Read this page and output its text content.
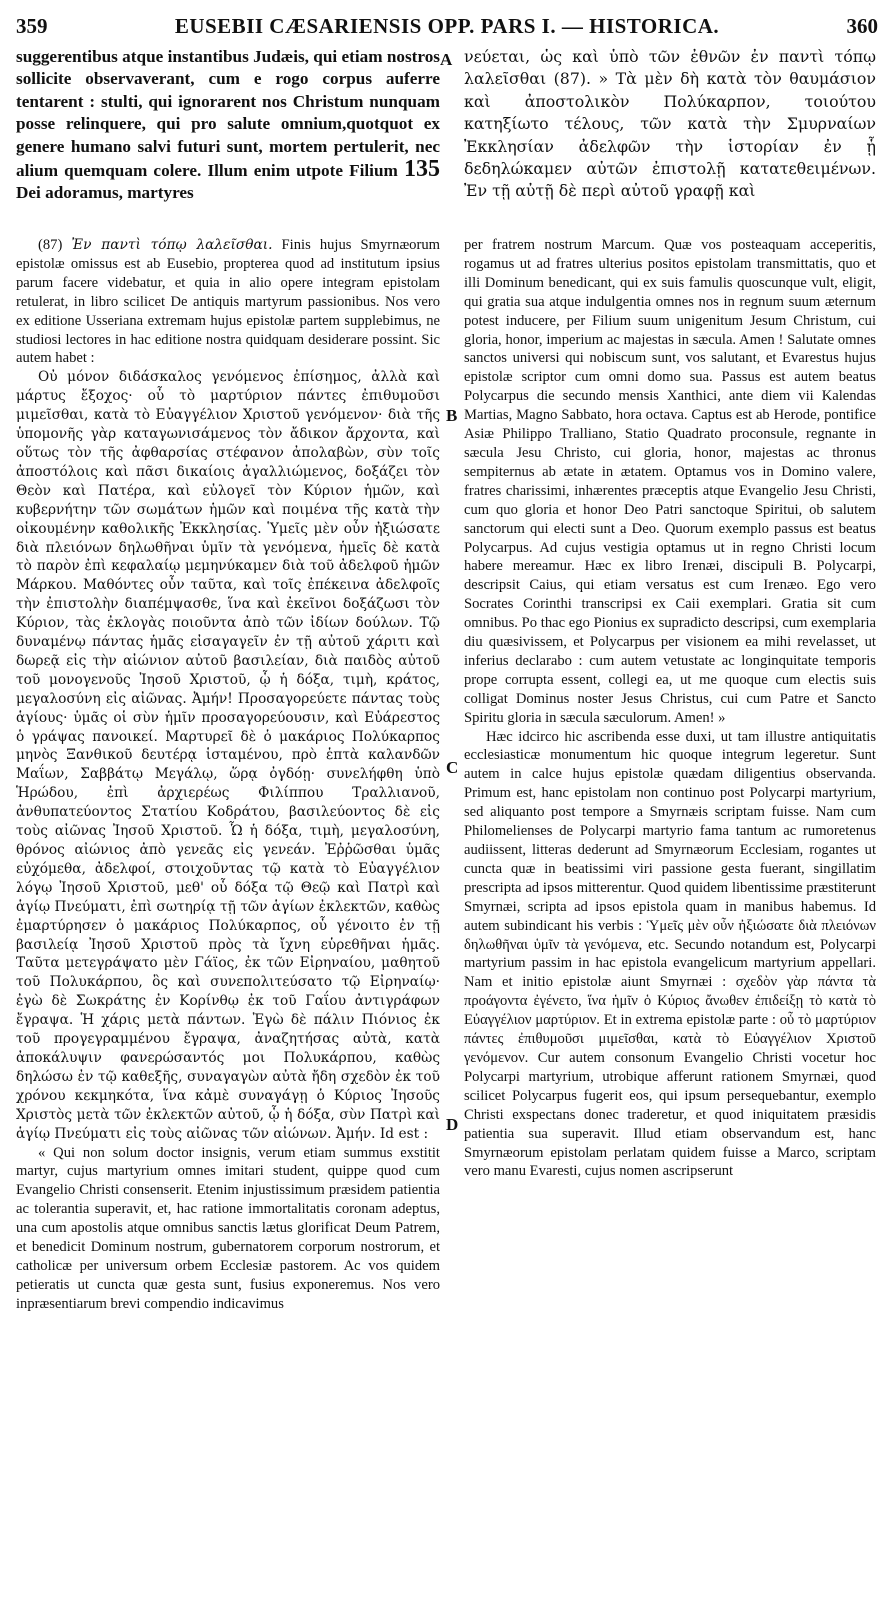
359	EUSEBII CÆSARIENSIS OPP. PARS I. — HISTORICA.	360
A
B
C
D

suggerentibus atque instantibus Judæis, qui etiam nostros sollicite observaverant, cum e rogo corpus auferre tentarent : stulti, qui ignorarent nos Christum nunquam posse relinquere, qui pro salute omnium,quotquot ex genere humano salvi futuri sunt, mortem pertulerit, nec alium quemquam colere. Illum enim utpote Filium 135 Dei adoramus, martyres

νεύεται, ὡς καὶ ὑπὸ τῶν ἐθνῶν ἐν παντὶ τόπῳ λαλεῖσθαι (87). » Τὰ μὲν δὴ κατὰ τὸν θαυμάσιον καὶ ἀποστολικὸν Πολύκαρπον, τοιούτου κατηξίωτο τέλους, τῶν κατὰ τὴν Σμυρναίων Ἐκκλησίαν ἀδελφῶν τὴν ἱστορίαν ἐν ᾗ δεδηλώκαμεν αὐτῶν ἐπιστολῇ κατατεθειμένων. Ἐν τῇ αὐτῇ δὲ περὶ αὐτοῦ γραφῇ καὶ

(87) Ἐν παντὶ τόπῳ λαλεῖσθαι. Finis hujus Smyrnæorum epistolæ omissus est ab Eusebio, propterea quod ad institutum ipsius parum facere videbatur, et quia in alio opere integram epistolam retulerat, in libro scilicet De antiquis martyrum passionibus. Nos vero ex editione Usseriana extremam hujus epistolæ partem supplebimus, ne studiosi lectores in hac editione nostra quidquam desiderare possint. Sic autem habet :

Οὐ μόνον διδάσκαλος γενόμενος ἐπίσημος, ἀλλὰ καὶ μάρτυς ἔξοχος· οὗ τὸ μαρτύριον πάντες ἐπιθυμοῦσι μιμεῖσθαι, κατὰ τὸ Εὐαγγέλιον Χριστοῦ γενόμενον· διὰ τῆς ὑπομονῆς γὰρ καταγωνισάμενος τὸν ἄδικον ἄρχοντα, καὶ οὕτως τὸν τῆς ἀφθαρσίας στέφανον ἀπολαβὼν, σὺν τοῖς ἀποστόλοις καὶ πᾶσι δικαίοις ἀγαλλιώμενος, δοξάζει τὸν Θεὸν καὶ Πατέρα, καὶ εὐλογεῖ τὸν Κύριον ἡμῶν, καὶ κυβερνήτην τῶν σωμάτων ἡμῶν καὶ ποιμένα τῆς κατὰ τὴν οἰκουμένην καθολικῆς Ἐκκλησίας. Ὑμεῖς μὲν οὖν ἠξιώσατε διὰ πλειόνων δηλωθῆναι ὑμῖν τὰ γενόμενα, ἡμεῖς δὲ κατὰ τὸ παρὸν ἐπὶ κεφαλαίῳ μεμηνύκαμεν διὰ τοῦ ἀδελφοῦ ἡμῶν Μάρκου. Μαθόντες οὖν ταῦτα, καὶ τοῖς ἐπέκεινα ἀδελφοῖς τὴν ἐπιστολὴν διαπέμψασθε, ἵνα καὶ ἐκεῖνοι δοξάζωσι τὸν Κύριον, τὰς ἐκλογὰς ποιοῦντα ἀπὸ τῶν ἰδίων δούλων. Τῷ δυναμένῳ πάντας ἡμᾶς εἰσαγαγεῖν ἐν τῇ αὐτοῦ χάριτι καὶ δωρεᾷ εἰς τὴν αἰώνιον αὐτοῦ βασιλείαν, διὰ παιδὸς αὐτοῦ τοῦ μονογενοῦς Ἰησοῦ Χριστοῦ, ᾧ ἡ δόξα, τιμὴ, κράτος, μεγαλοσύνη εἰς αἰῶνας. Ἀμήν! Προσαγορεύετε πάντας τοὺς ἁγίους· ὑμᾶς οἱ σὺν ἡμῖν προσαγορεύουσιν, καὶ Εὐάρεστος ὁ γράψας πανοικεί. Μαρτυρεῖ δὲ ὁ μακάριος Πολύκαρπος μηνὸς Ξανθικοῦ δευτέρᾳ ἱσταμένου, πρὸ ἑπτὰ καλανδῶν Μαΐων, Σαββάτῳ Μεγάλῳ, ὥρᾳ ὀγδόῃ· συνελήφθη ὑπὸ Ἡρώδου, ἐπὶ ἀρχιερέως Φιλίππου Τραλλιανοῦ, ἀνθυπατεύοντος Στατίου Κοδράτου, βασιλεύοντος δὲ εἰς τοὺς αἰῶνας Ἰησοῦ Χριστοῦ. Ὧ ἡ δόξα, τιμὴ, μεγαλοσύνη, θρόνος αἰώνιος ἀπὸ γενεᾶς εἰς γενεάν. Ἐῤῥῶσθαι ὑμᾶς εὐχόμεθα, ἀδελφοί, στοιχοῦντας τῷ κατὰ τὸ Εὐαγγέλιον λόγῳ Ἰησοῦ Χριστοῦ, μεθ' οὗ δόξα τῷ Θεῷ καὶ Πατρὶ καὶ ἁγίῳ Πνεύματι, ἐπὶ σωτηρίᾳ τῇ τῶν ἁγίων ἐκλεκτῶν, καθὼς ἐμαρτύρησεν ὁ μακάριος Πολύκαρπος, οὗ γένοιτο ἐν τῇ βασιλείᾳ Ἰησοῦ Χριστοῦ πρὸς τὰ ἴχνη εὑρεθῆναι ἡμᾶς. Ταῦτα μετεγράψατο μὲν Γάϊος, ἐκ τῶν Εἰρηναίου, μαθητοῦ τοῦ Πολυκάρπου, ὃς καὶ συνεπολιτεύσατο τῷ Εἰρηναίῳ· ἐγὼ δὲ Σωκράτης ἐν Κορίνθῳ ἐκ τοῦ Γαΐου ἀντιγράφων ἔγραψα. Ἡ χάρις μετὰ πάντων. Ἐγὼ δὲ πάλιν Πιόνιος ἐκ τοῦ προγεγραμμένου ἔγραψα, ἀναζητήσας αὐτὰ, κατὰ ἀποκάλυψιν φανερώσαντός μοι Πολυκάρπου, καθὼς δηλώσω ἐν τῷ καθεξῆς, συναγαγὼν αὐτὰ ἤδη σχεδὸν ἐκ τοῦ χρόνου κεκμηκότα, ἵνα κἀμὲ συναγάγῃ ὁ Κύριος Ἰησοῦς Χριστὸς μετὰ τῶν ἐκλεκτῶν αὐτοῦ, ᾧ ἡ δόξα, σὺν Πατρὶ καὶ ἁγίῳ Πνεύματι εἰς τοὺς αἰῶνας τῶν αἰώνων. Ἀμήν. Id est :

« Qui non solum doctor insignis, verum etiam summus exstitit martyr, cujus martyrium omnes imitari student, quippe quod cum Evangelio Christi consenserit. Etenim injustissimum præsidem patientia ac tolerantia superavit, et, hac ratione immortalitatis coronam adeptus, una cum apostolis atque omnibus sanctis lætus glorificat Deum Patrem, et benedicit Dominum nostrum, gubernatorem corporum nostrorum, et catholicæ per universum orbem Ecclesiæ pastorem. Ac vos quidem petieratis ut cuncta quæ gesta sunt, fusius exponeremus. Nos vero inpræsentiarum brevi compendio indicavimus

per fratrem nostrum Marcum. Quæ vos posteaquam acceperitis, rogamus ut ad fratres ulterius positos epistolam transmittatis, quo et illi Dominum benedicant, qui ex suis famulis quoscunque vult, eligit, qui gratia sua atque indulgentia omnes nos in regnum suum æternum potest inducere, per Filium suum unigenitum Jesum Christum, cui gloria, honor, imperium ac majestas in sæcula. Amen ! Salutate omnes sanctos universi qui nobiscum sunt, vos salutant, et Evarestus hujus epistolæ scriptor cum omni domo sua. Passus est autem beatus Polycarpus die secundo mensis Xanthici, ante diem vii Kalendas Martias, Magno Sabbato, hora octava. Captus est ab Herode, pontifice Asiæ Philippo Tralliano, Statio Quadrato proconsule, regnante in sæcula Jesu Christo, cui gloria, honor, majestas ac thronus sempiternus ab ætate in ætatem. Optamus vos in Domino valere, fratres charissimi, inhærentes præceptis atque Evangelio Jesu Christi, cum quo gloria et honor Deo Patri sanctoque Spiritui, ob salutem sanctorum qui electi sunt a Deo. Quorum exemplo passus est beatus Polycarpus. Ad cujus vestigia optamus ut in regno Christi locum habere mereamur. Hæc ex libro Irenæi, discipuli B. Polycarpi, descripsit Caius, qui etiam versatus est cum Irenæo. Ego vero Socrates Corinthi transcripsi ex Caii exemplari. Gratia sit cum omnibus. Po thac ego Pionius ex supradicto descripsi, cum exemplaria diu quæsivissem, et Polycarpus per visionem ea mihi revelasset, ut inferius declarabo : cum autem vetustate ac longinquitate temporis prope corrupta essent, collegi ea, ut me quoque cum electis suis colligat Dominus noster Jesus Christus, cui cum Patre et Sancto Spiritu gloria in sæcula sæculorum. Amen! »

Hæc idcirco hic ascribenda esse duxi, ut tam illustre antiquitatis ecclesiasticæ monumentum hic quoque integrum legeretur. Sunt autem in calce hujus epistolæ quædam diligentius observanda. Primum est, hanc epistolam non continuo post Polycarpi martyrium, sed aliquanto post tempore a Smyrnæis scriptam fuisse. Nam cum Philomelienses de Polycarpi martyrio fama tantum ac rumoretenus audiissent, litteras dederunt ad Smyrnæorum Ecclesiam, rogantes ut cuncta quæ in beatissimi viri passione gesta fuerant, singillatim prescripta ad ipsos mitterentur. Quod quidem libentissime præstiterunt Smyrnæi, scripta ad ipsos epistola quam in manibus habemus. Id autem subindicant his verbis : Ὑμεῖς μὲν οὖν ἠξιώσατε διὰ πλειόνων δηλωθῆναι ὑμῖν τὰ γενόμενα, etc. Secundo notandum est, Polycarpi martyrium passim in hac epistola evangelicum martyrium appellari. Nam et initio epistolæ aiunt Smyrnæi : σχεδὸν γὰρ πάντα τὰ προάγοντα ἐγένετο, ἵνα ἡμῖν ὁ Κύριος ἄνωθεν ἐπιδείξῃ τὸ κατὰ τὸ Εὐαγγέλιον μαρτύριον. Et in extrema epistolæ parte : οὗ τὸ μαρτύριον πάντες ἐπιθυμοῦσι μιμεῖσθαι, κατὰ τὸ Εὐαγγέλιον Χριστοῦ γενόμενον. Cur autem consonum Evangelio Christi vocetur hoc Polycarpi martyrium, utrobique afferunt rationem Smyrnæi, quod scilicet Polycarpus fugerit eos, qui ipsum persequebantur, exemplo Christi exspectans donec traderetur, et quod iniquitatem præsidis patientia sua superavit. Illud etiam observandum est, hanc Smyrnæorum epistolam perlatam quidem fuisse a Marco, scriptam vero manu Evaresti, cujus nomen ascripserunt
